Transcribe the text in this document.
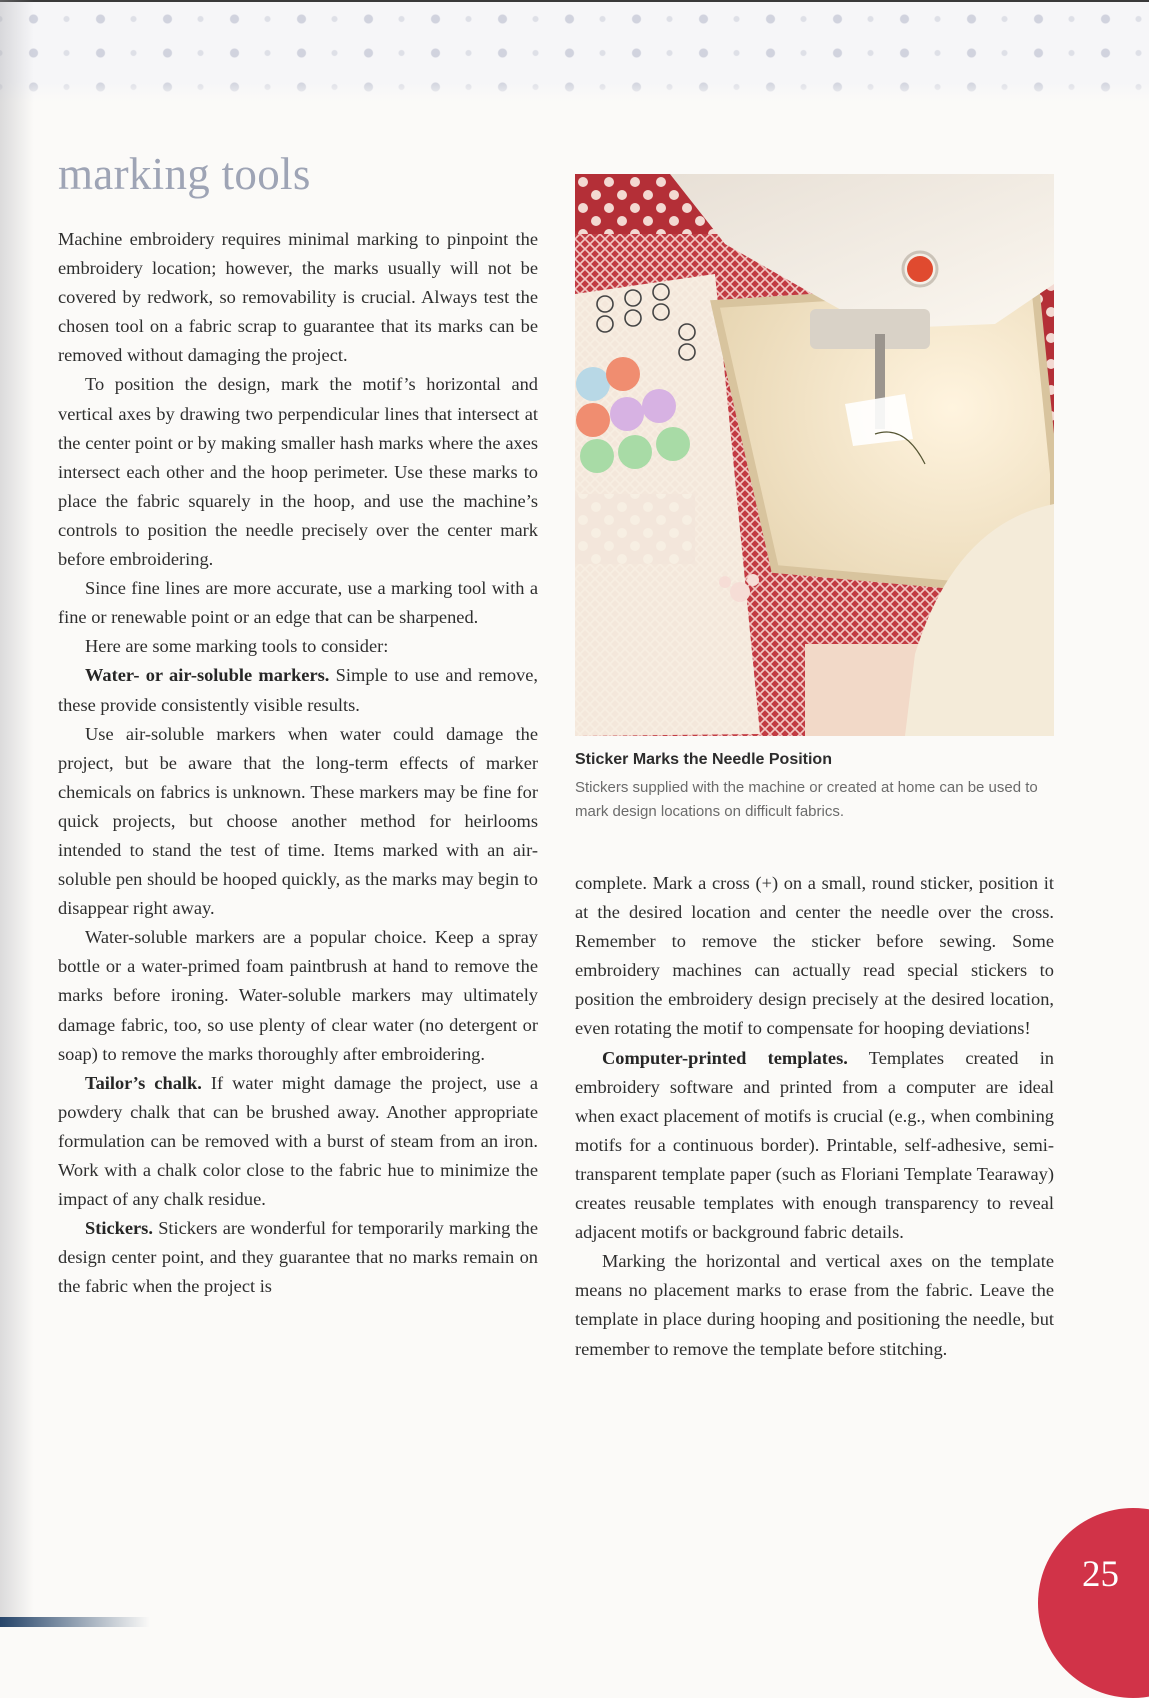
marking tools

Machine embroidery requires minimal marking to pinpoint the embroidery location; however, the marks usually will not be covered by redwork, so removability is crucial. Always test the chosen tool on a fabric scrap to guarantee that its marks can be removed without damaging the project.

To position the design, mark the motif’s horizontal and vertical axes by drawing two perpendicular lines that intersect at the center point or by making smaller hash marks where the axes intersect each other and the hoop perimeter. Use these marks to place the fabric squarely in the hoop, and use the machine’s controls to position the needle precisely over the center mark before embroidering.

Since fine lines are more accurate, use a marking tool with a fine or renewable point or an edge that can be sharpened.

Here are some marking tools to consider:

Water- or air-soluble markers. Simple to use and remove, these provide consistently visible results.

Use air-soluble markers when water could damage the project, but be aware that the long-term effects of marker chemicals on fabrics is unknown. These markers may be fine for quick projects, but choose another method for heirlooms intended to stand the test of time. Items marked with an air-soluble pen should be hooped quickly, as the marks may begin to disappear right away.

Water-soluble markers are a popular choice. Keep a spray bottle or a water-primed foam paintbrush at hand to remove the marks before ironing. Water-soluble markers may ultimately damage fabric, too, so use plenty of clear water (no detergent or soap) to remove the marks thoroughly after embroidering.

Tailor’s chalk. If water might damage the project, use a powdery chalk that can be brushed away. Another appropriate formulation can be removed with a burst of steam from an iron. Work with a chalk color close to the fabric hue to minimize the impact of any chalk residue.

Stickers. Stickers are wonderful for temporarily marking the design center point, and they guarantee that no marks remain on the fabric when the project is

Sticker Marks the Needle Position
Stickers supplied with the machine or created at home can be used to mark design locations on difficult fabrics.

complete. Mark a cross (+) on a small, round sticker, position it at the desired location and center the needle over the cross. Remember to remove the sticker before sewing. Some embroidery machines can actually read special stickers to position the embroidery design precisely at the desired location, even rotating the motif to compensate for hooping deviations!

Computer-printed templates. Templates created in embroidery software and printed from a computer are ideal when exact placement of motifs is crucial (e.g., when combining motifs for a continuous border). Printable, self-adhesive, semi-transparent template paper (such as Floriani Template Tearaway) creates reusable templates with enough transparency to reveal adjacent motifs or background fabric details.

Marking the horizontal and vertical axes on the template means no placement marks to erase from the fabric. Leave the template in place during hooping and positioning the needle, but remember to remove the template before stitching.

25
